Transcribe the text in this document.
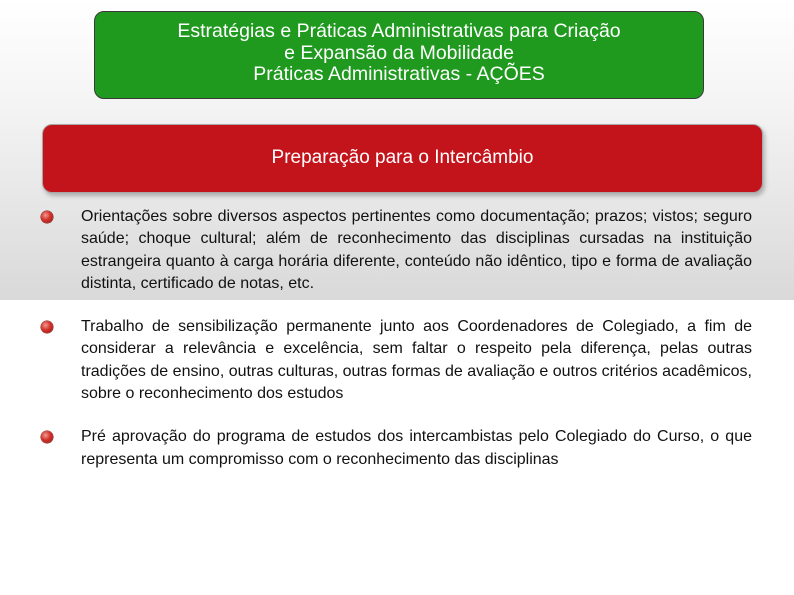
Estratégias e Práticas Administrativas para Criação
e Expansão da Mobilidade
Práticas Administrativas - AÇÕES
Preparação para o Intercâmbio

Orientações sobre diversos aspectos pertinentes como documentação; prazos; vistos; seguro saúde; choque cultural; além de reconhecimento das disciplinas cursadas na instituição estrangeira quanto à carga horária diferente, conteúdo não idêntico, tipo e forma de avaliação distinta, certificado de notas, etc.

Trabalho de sensibilização permanente junto aos Coordenadores de Colegiado, a fim de considerar a relevância e excelência, sem faltar o respeito pela diferença, pelas outras tradições de ensino, outras culturas, outras formas de avaliação e outros critérios acadêmicos, sobre o reconhecimento dos estudos

Pré aprovação do programa de estudos dos intercambistas pelo Colegiado do Curso, o que representa um compromisso com o reconhecimento das disciplinas
